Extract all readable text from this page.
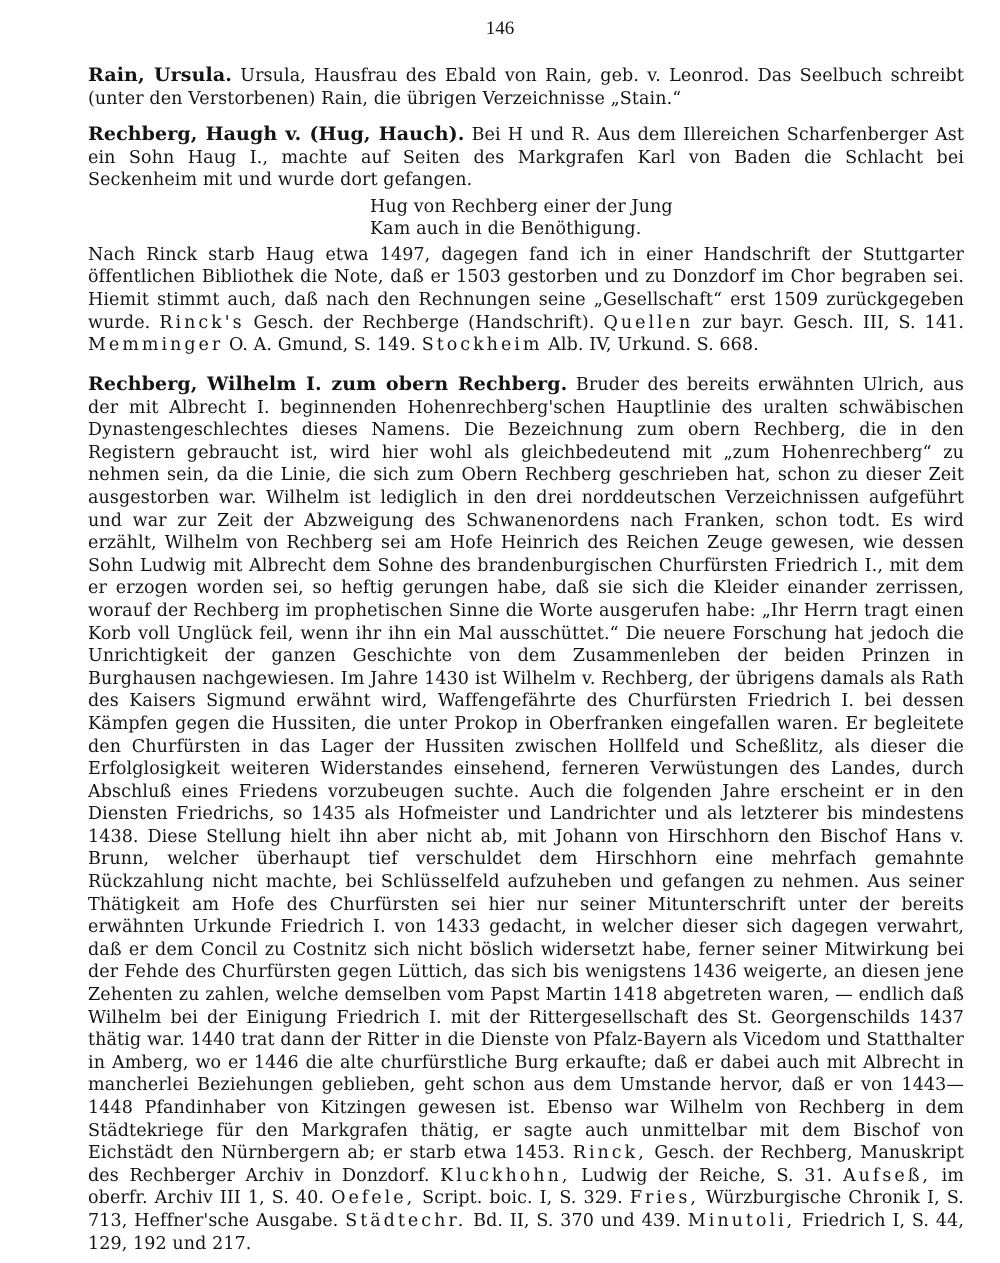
146

Rain, Ursula. Ursula, Hausfrau des Ebald von Rain, geb. v. Leonrod. Das Seelbuch schreibt (unter den Verstorbenen) Rain, die übrigen Verzeichnisse „Stain.“

Rechberg, Haugh v. (Hug, Hauch). Bei H und R. Aus dem Illereichen Scharfenberger Ast ein Sohn Haug I., machte auf Seiten des Markgrafen Karl von Baden die Schlacht bei Seckenheim mit und wurde dort gefangen.

Hug von Rechberg einer der Jung
Kam auch in die Benöthigung.

Nach Rinck starb Haug etwa 1497, dagegen fand ich in einer Handschrift der Stuttgarter öffentlichen Bibliothek die Note, daß er 1503 gestorben und zu Donzdorf im Chor begraben sei. Hiemit stimmt auch, daß nach den Rechnungen seine „Gesellschaft“ erst 1509 zurückgegeben wurde. Rinck's Gesch. der Rechberge (Handschrift). Quellen zur bayr. Gesch. III, S. 141. Memminger O. A. Gmund, S. 149. Stockheim Alb. IV, Urkund. S. 668.

Rechberg, Wilhelm I. zum obern Rechberg. Bruder des bereits erwähnten Ulrich, aus der mit Albrecht I. beginnenden Hohenrechberg'schen Hauptlinie des uralten schwäbischen Dynastengeschlechtes dieses Namens. Die Bezeichnung zum obern Rechberg, die in den Registern gebraucht ist, wird hier wohl als gleichbedeutend mit „zum Hohenrechberg“ zu nehmen sein, da die Linie, die sich zum Obern Rechberg geschrieben hat, schon zu dieser Zeit ausgestorben war. Wilhelm ist lediglich in den drei norddeutschen Verzeichnissen aufgeführt und war zur Zeit der Abzweigung des Schwanenordens nach Franken, schon todt. Es wird erzählt, Wilhelm von Rechberg sei am Hofe Heinrich des Reichen Zeuge gewesen, wie dessen Sohn Ludwig mit Albrecht dem Sohne des brandenburgischen Churfürsten Friedrich I., mit dem er erzogen worden sei, so heftig gerungen habe, daß sie sich die Kleider einander zerrissen, worauf der Rechberg im prophetischen Sinne die Worte ausgerufen habe: „Ihr Herrn tragt einen Korb voll Unglück feil, wenn ihr ihn ein Mal ausschüttet.“ Die neuere Forschung hat jedoch die Unrichtigkeit der ganzen Geschichte von dem Zusammenleben der beiden Prinzen in Burghausen nachgewiesen. Im Jahre 1430 ist Wilhelm v. Rechberg, der übrigens damals als Rath des Kaisers Sigmund erwähnt wird, Waffengefährte des Churfürsten Friedrich I. bei dessen Kämpfen gegen die Hussiten, die unter Prokop in Oberfranken eingefallen waren. Er begleitete den Churfürsten in das Lager der Hussiten zwischen Hollfeld und Scheßlitz, als dieser die Erfolglosigkeit weiteren Widerstandes einsehend, ferneren Verwüstungen des Landes, durch Abschluß eines Friedens vorzubeugen suchte. Auch die folgenden Jahre erscheint er in den Diensten Friedrichs, so 1435 als Hofmeister und Landrichter und als letzterer bis mindestens 1438. Diese Stellung hielt ihn aber nicht ab, mit Johann von Hirschhorn den Bischof Hans v. Brunn, welcher überhaupt tief verschuldet dem Hirschhorn eine mehrfach gemahnte Rückzahlung nicht machte, bei Schlüsselfeld aufzuheben und gefangen zu nehmen. Aus seiner Thätigkeit am Hofe des Churfürsten sei hier nur seiner Mitunterschrift unter der bereits erwähnten Urkunde Friedrich I. von 1433 gedacht, in welcher dieser sich dagegen verwahrt, daß er dem Concil zu Costnitz sich nicht böslich widersetzt habe, ferner seiner Mitwirkung bei der Fehde des Churfürsten gegen Lüttich, das sich bis wenigstens 1436 weigerte, an diesen jene Zehenten zu zahlen, welche demselben vom Papst Martin 1418 abgetreten waren, — endlich daß Wilhelm bei der Einigung Friedrich I. mit der Rittergesellschaft des St. Georgenschilds 1437 thätig war. 1440 trat dann der Ritter in die Dienste von Pfalz-Bayern als Vicedom und Statthalter in Amberg, wo er 1446 die alte churfürstliche Burg erkaufte; daß er dabei auch mit Albrecht in mancherlei Beziehungen geblieben, geht schon aus dem Umstande hervor, daß er von 1443—1448 Pfandinhaber von Kitzingen gewesen ist. Ebenso war Wilhelm von Rechberg in dem Städtekriege für den Markgrafen thätig, er sagte auch unmittelbar mit dem Bischof von Eichstädt den Nürnbergern ab; er starb etwa 1453. Rinck, Gesch. der Rechberg, Manuskript des Rechberger Archiv in Donzdorf. Kluckhohn, Ludwig der Reiche, S. 31. Aufseß, im oberfr. Archiv III 1, S. 40. Oefele, Script. boic. I, S. 329. Fries, Würzburgische Chronik I, S. 713, Heffner'sche Ausgabe. Städtechr. Bd. II, S. 370 und 439. Minutoli, Friedrich I, S. 44, 129, 192 und 217.
